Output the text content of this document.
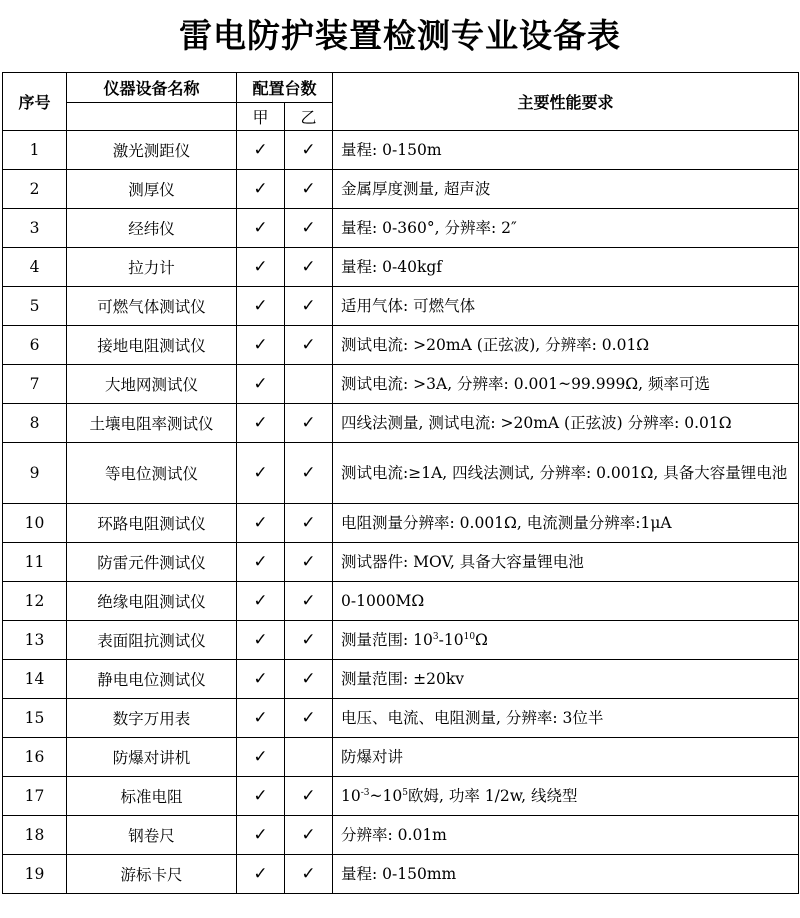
雷电防护装置检测专业设备表
序号	仪器设备名称	配置台数		主要性能要求
		甲	乙	
1	激光测距仪	✓	✓	量程: 0-150m
2	测厚仪	✓	✓	金属厚度测量, 超声波
3	经纬仪	✓	✓	量程: 0-360°, 分辨率: 2″
4	拉力计	✓	✓	量程: 0-40kgf
5	可燃气体测试仪	✓	✓	适用气体: 可燃气体
6	接地电阻测试仪	✓	✓	测试电流: >20mA (正弦波), 分辨率: 0.01Ω
7	大地网测试仪	✓		测试电流: >3A, 分辨率: 0.001~99.999Ω, 频率可选
8	土壤电阻率测试仪	✓	✓	四线法测量, 测试电流: >20mA (正弦波) 分辨率: 0.01Ω
9	等电位测试仪	✓	✓	测试电流:≥1A, 四线法测试, 分辨率: 0.001Ω, 具备大容量锂电池
10	环路电阻测试仪	✓	✓	电阻测量分辨率: 0.001Ω, 电流测量分辨率:1μA
11	防雷元件测试仪	✓	✓	测试器件: MOV, 具备大容量锂电池
12	绝缘电阻测试仪	✓	✓	0-1000MΩ
13	表面阻抗测试仪	✓	✓	测量范围: $10^3-10^{10}\Omega$
14	静电电位测试仪	✓	✓	测量范围: ±20kv
15	数字万用表	✓	✓	电压、电流、电阻测量, 分辨率: 3位半
16	防爆对讲机	✓		防爆对讲
17	标准电阻	✓	✓	$10^{-3}\sim 10^5$欧姆, 功率 1/2w, 线绕型
18	钢卷尺	✓	✓	分辨率: 0.01m
19	游标卡尺	✓	✓	量程: 0-150mm
